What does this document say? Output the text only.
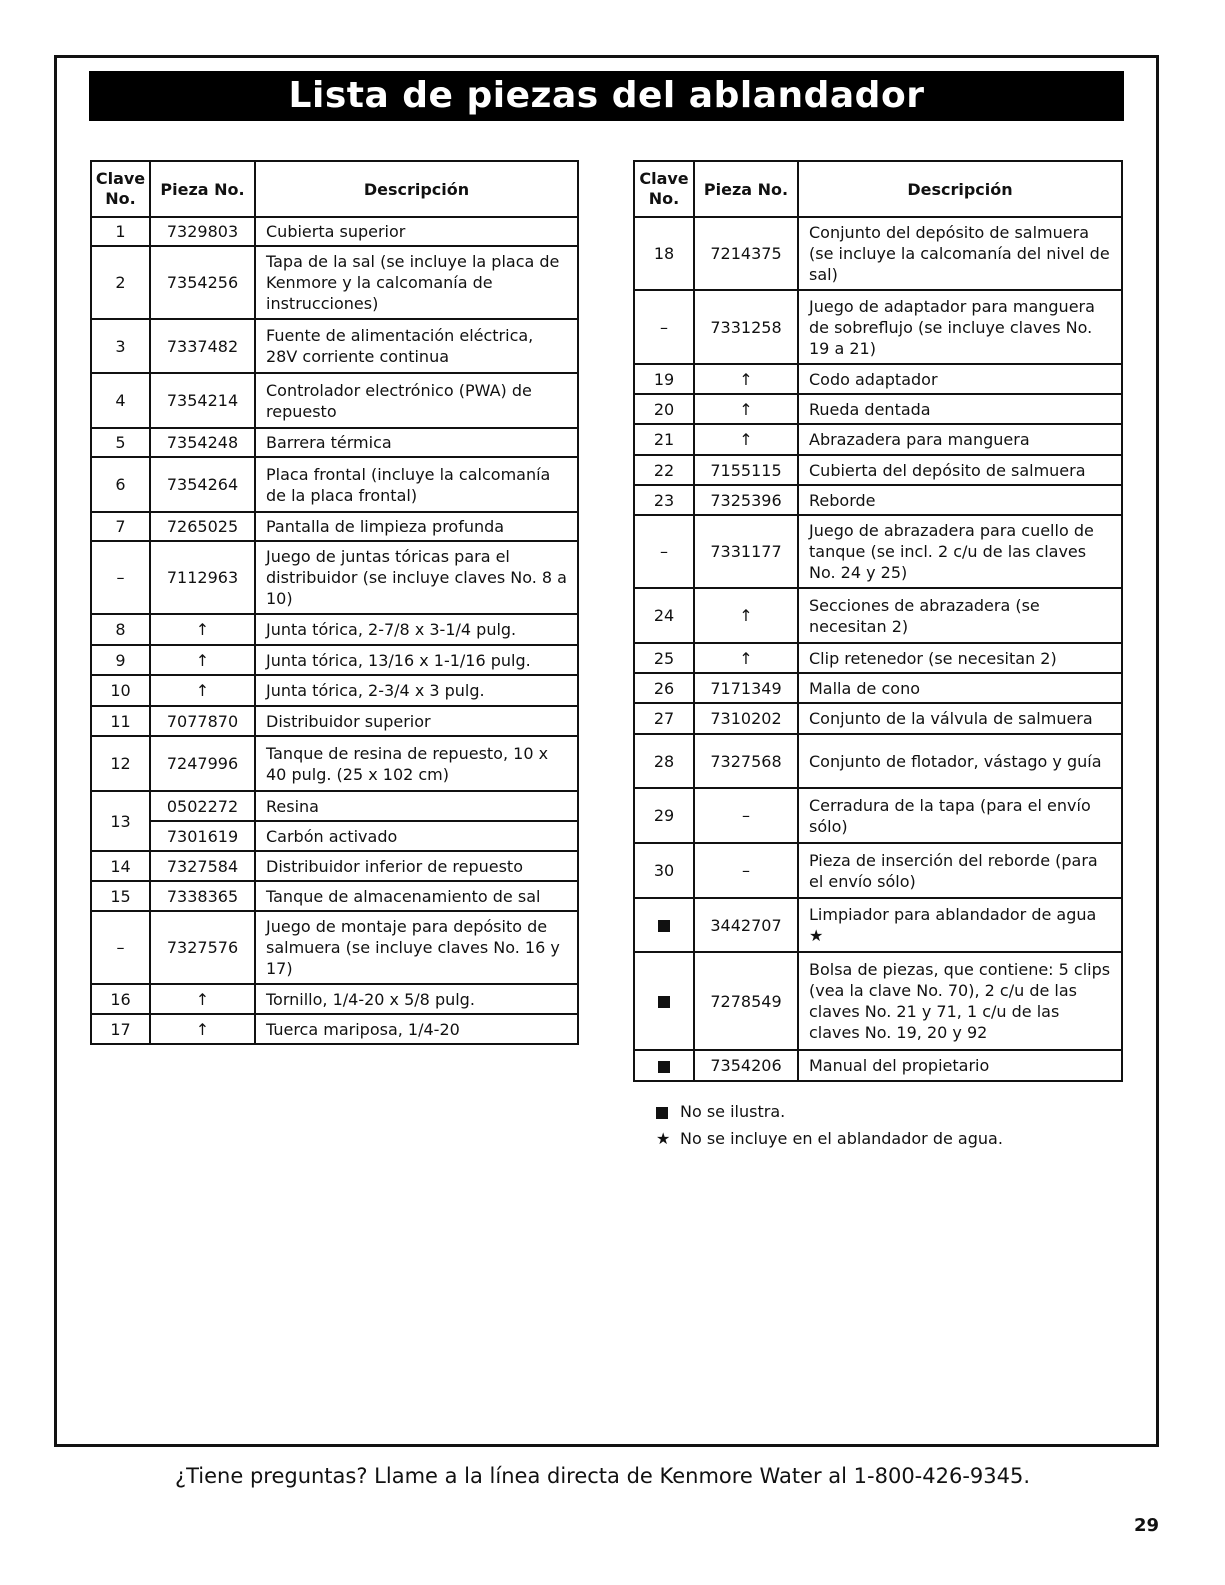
Lista de piezas del ablandador
Clave No.	Pieza No.	Descripción
1	7329803	Cubierta superior
2	7354256	Tapa de la sal (se incluye la placa de Kenmore y la calcomanía de instrucciones)
3	7337482	Fuente de alimentación eléctrica, 28V corriente continua
4	7354214	Controlador electrónico (PWA) de repuesto
5	7354248	Barrera térmica
6	7354264	Placa frontal (incluye la calcomanía de la placa frontal)
7	7265025	Pantalla de limpieza profunda
–	7112963	Juego de juntas tóricas para el distribuidor (se incluye claves No. 8 a 10)
8	↑	Junta tórica, 2-7/8 x 3-1/4 pulg.
9	↑	Junta tórica, 13/16 x 1-1/16 pulg.
10	↑	Junta tórica, 2-3/4 x 3 pulg.
11	7077870	Distribuidor superior
12	7247996	Tanque de resina de repuesto, 10 x 40 pulg. (25 x 102 cm)
13	0502272	Resina
	7301619	Carbón activado
14	7327584	Distribuidor inferior de repuesto
15	7338365	Tanque de almacenamiento de sal
–	7327576	Juego de montaje para depósito de salmuera (se incluye claves No. 16 y 17)
16	↑	Tornillo, 1/4-20 x 5/8 pulg.
17	↑	Tuerca mariposa, 1/4-20
Clave No.	Pieza No.	Descripción
18	7214375	Conjunto del depósito de salmuera (se incluye la calcomanía del nivel de sal)
–	7331258	Juego de adaptador para manguera de sobreflujo (se incluye claves No. 19 a 21)
19	↑	Codo adaptador
20	↑	Rueda dentada
21	↑	Abrazadera para manguera
22	7155115	Cubierta del depósito de salmuera
23	7325396	Reborde
–	7331177	Juego de abrazadera para cuello de tanque (se incl. 2 c/u de las claves No. 24 y 25)
24	↑	Secciones de abrazadera (se necesitan 2)
25	↑	Clip retenedor (se necesitan 2)
26	7171349	Malla de cono
27	7310202	Conjunto de la válvula de salmuera
28	7327568	Conjunto de flotador, vástago y guía
29	–	Cerradura de la tapa (para el envío sólo)
30	–	Pieza de inserción del reborde (para el envío sólo)
	3442707	Limpiador para ablandador de agua ★
	7278549	Bolsa de piezas, que contiene: 5 clips (vea la clave No. 70), 2 c/u de las claves No. 21 y 71, 1 c/u de las claves No. 19, 20 y 92
	7354206	Manual del propietario
No se ilustra.
★ No se incluye en el ablandador de agua.
¿Tiene preguntas? Llame a la línea directa de Kenmore Water al 1-800-426-9345.
29
